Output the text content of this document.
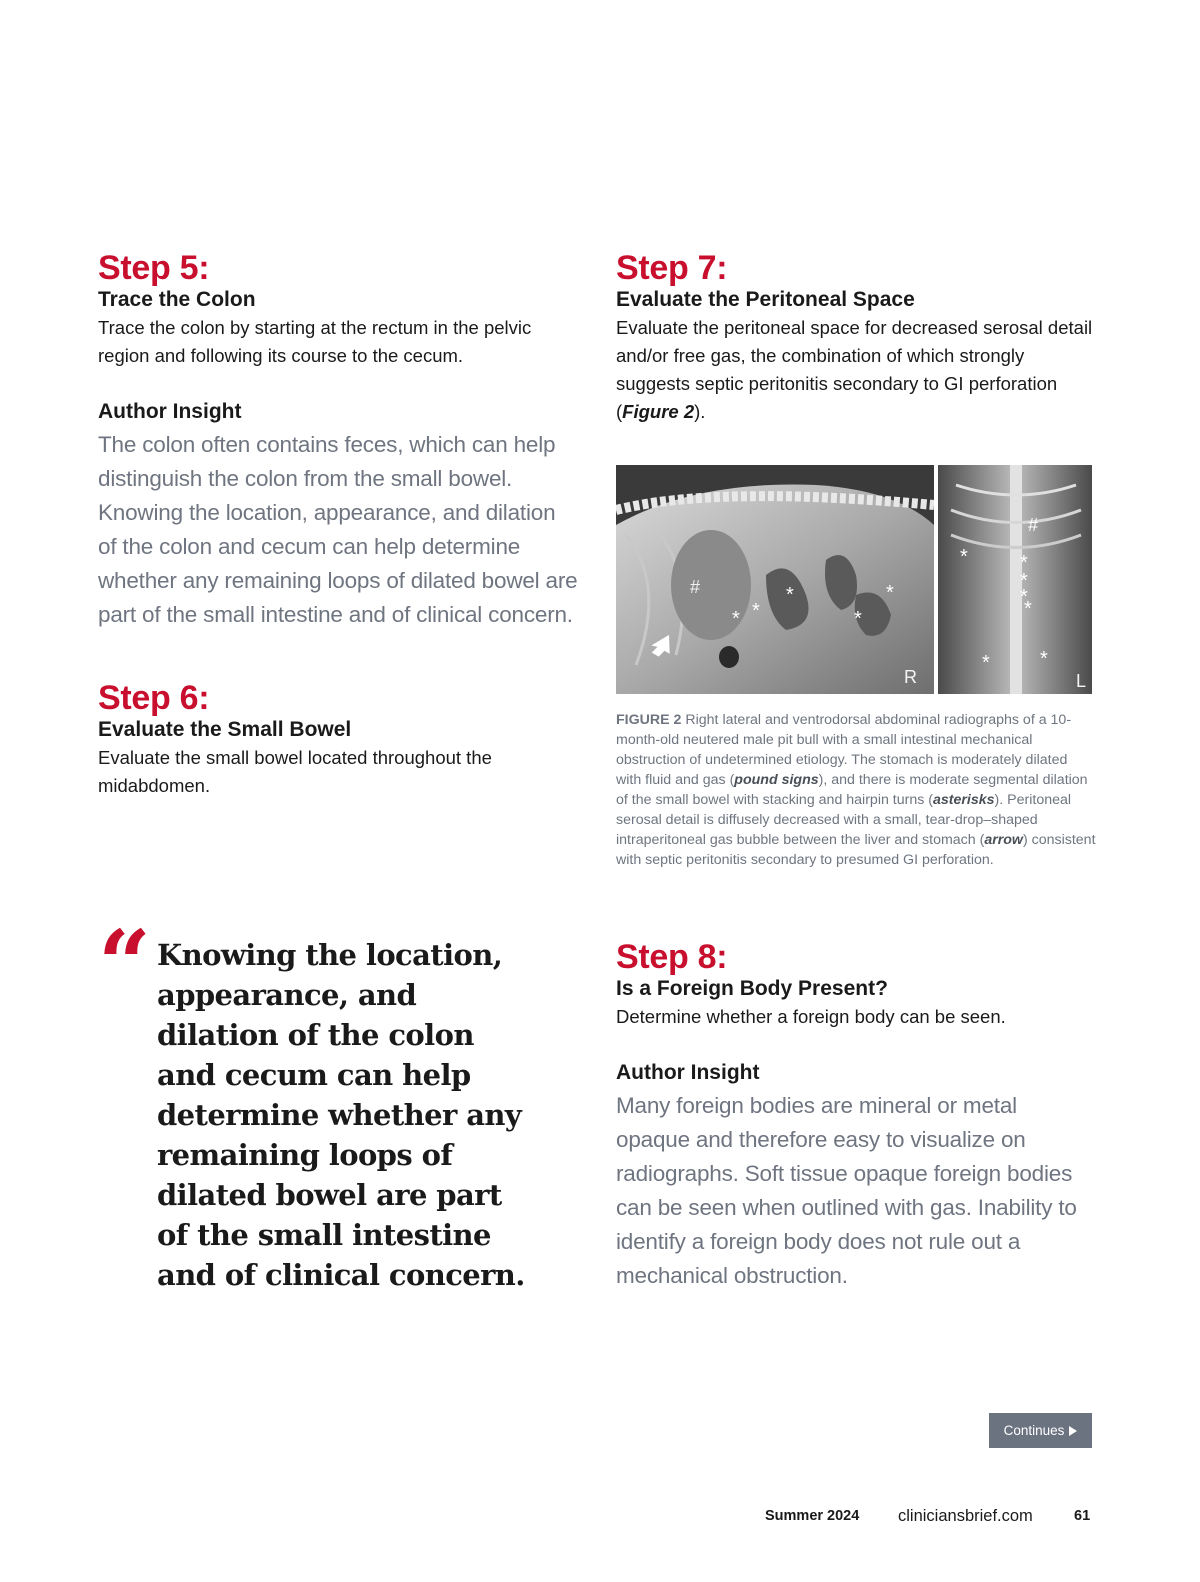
Step 5:
Trace the Colon
Trace the colon by starting at the rectum in the pelvic region and following its course to the cecum.
Author Insight
The colon often contains feces, which can help distinguish the colon from the small bowel. Knowing the location, appearance, and dilation of the colon and cecum can help determine whether any remaining loops of dilated bowel are part of the small intestine and of clinical concern.
Step 6:
Evaluate the Small Bowel
Evaluate the small bowel located throughout the midabdomen.
“ Knowing the location, appearance, and dilation of the colon and cecum can help determine whether any remaining loops of dilated bowel are part of the small intestine and of clinical concern.
Step 7:
Evaluate the Peritoneal Space
Evaluate the peritoneal space for decreased serosal detail and/or free gas, the combination of which strongly suggests septic peritonitis secondary to GI perforation (Figure 2).
#
* *
*
*
*
R
#
*	*
*
*
*
*	*
L
FIGURE 2 Right lateral and ventrodorsal abdominal radiographs of a 10-month-old neutered male pit bull with a small intestinal mechanical obstruction of undetermined etiology. The stomach is moderately dilated with fluid and gas (pound signs), and there is moderate segmental dilation of the small bowel with stacking and hairpin turns (asterisks). Peritoneal serosal detail is diffusely decreased with a small, tear-drop–shaped intraperitoneal gas bubble between the liver and stomach (arrow) consistent with septic peritonitis secondary to presumed GI perforation.
Step 8:
Is a Foreign Body Present?
Determine whether a foreign body can be seen.
Author Insight
Many foreign bodies are mineral or metal opaque and therefore easy to visualize on radiographs. Soft tissue opaque foreign bodies can be seen when outlined with gas. Inability to identify a foreign body does not rule out a mechanical obstruction.
Continues
Summer 2024 cliniciansbrief.com	61
